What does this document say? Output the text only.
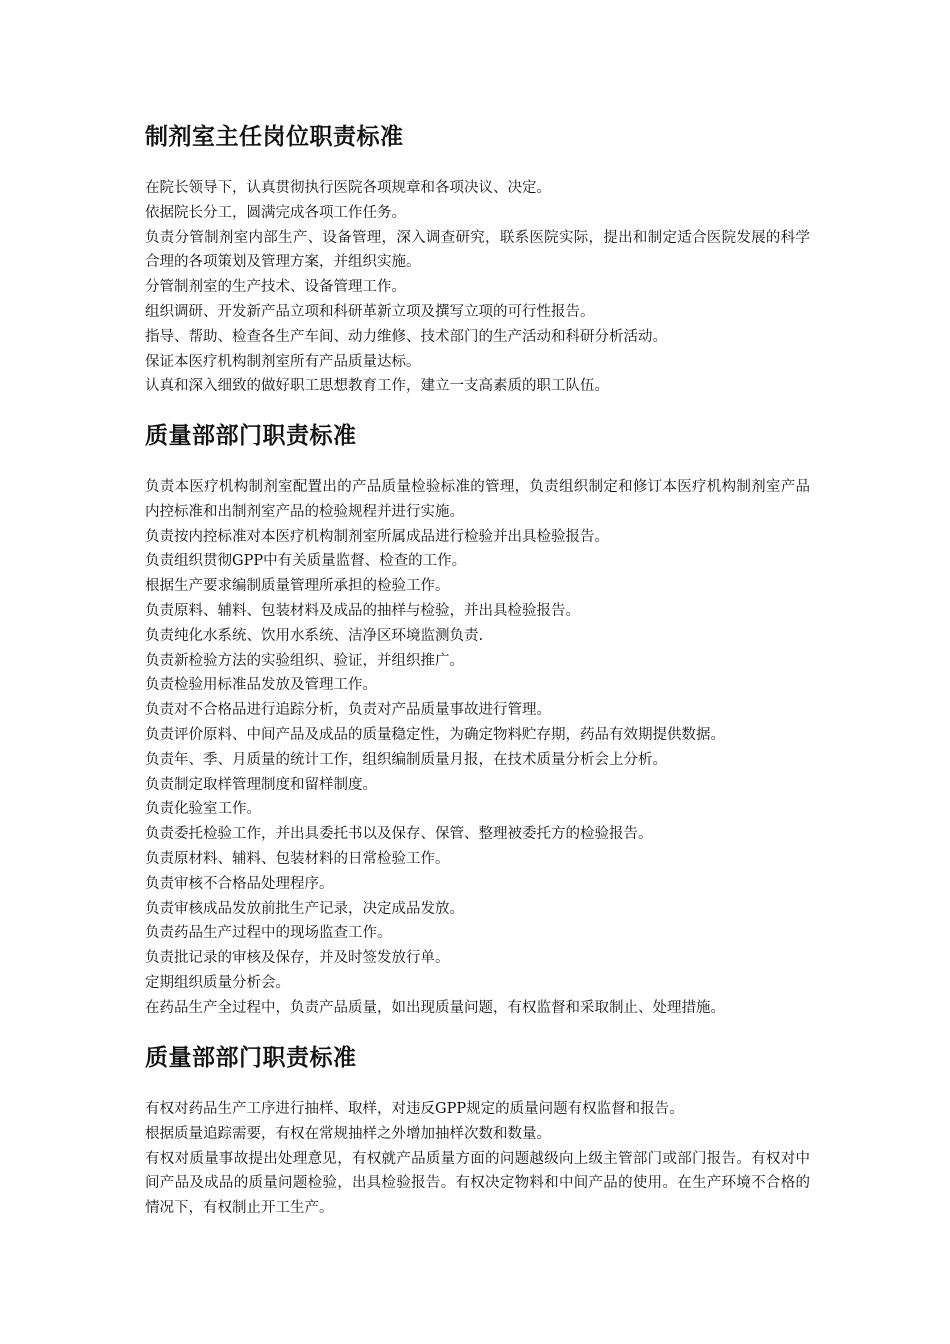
制剂室主任岗位职责标准

在院长领导下，认真贯彻执行医院各项规章和各项决议、决定。

依据院长分工，圆满完成各项工作任务。

负责分管制剂室内部生产、设备管理，深入调查研究，联系医院实际，提出和制定适合医院发展的科学合理的各项策划及管理方案，并组织实施。

分管制剂室的生产技术、设备管理工作。

组织调研、开发新产品立项和科研革新立项及撰写立项的可行性报告。

指导、帮助、检查各生产车间、动力维修、技术部门的生产活动和科研分析活动。

保证本医疗机构制剂室所有产品质量达标。

认真和深入细致的做好职工思想教育工作，建立一支高素质的职工队伍。

质量部部门职责标准

负责本医疗机构制剂室配置出的产品质量检验标准的管理，负责组织制定和修订本医疗机构制剂室产品内控标准和出制剂室产品的检验规程并进行实施。

负责按内控标准对本医疗机构制剂室所属成品进行检验并出具检验报告。

负责组织贯彻GPP中有关质量监督、检查的工作。

根据生产要求编制质量管理所承担的检验工作。

负责原料、辅料、包装材料及成品的抽样与检验，并出具检验报告。

负责纯化水系统、饮用水系统、洁净区环境监测负责.

负责新检验方法的实验组织、验证，并组织推广。

负责检验用标准品发放及管理工作。

负责对不合格品进行追踪分析，负责对产品质量事故进行管理。

负责评价原料、中间产品及成品的质量稳定性，为确定物料贮存期，药品有效期提供数据。

负责年、季、月质量的统计工作，组织编制质量月报，在技术质量分析会上分析。

负责制定取样管理制度和留样制度。

负责化验室工作。

负责委托检验工作，并出具委托书以及保存、保管、整理被委托方的检验报告。

负责原材料、辅料、包装材料的日常检验工作。

负责审核不合格品处理程序。

负责审核成品发放前批生产记录，决定成品发放。

负责药品生产过程中的现场监查工作。

负责批记录的审核及保存，并及时签发放行单。

定期组织质量分析会。

在药品生产全过程中，负责产品质量，如出现质量问题，有权监督和采取制止、处理措施。

质量部部门职责标准

有权对药品生产工序进行抽样、取样，对违反GPP规定的质量问题有权监督和报告。

根据质量追踪需要，有权在常规抽样之外增加抽样次数和数量。

有权对质量事故提出处理意见，有权就产品质量方面的问题越级向上级主管部门或部门报告。有权对中间产品及成品的质量问题检验，出具检验报告。有权决定物料和中间产品的使用。在生产环境不合格的情况下，有权制止开工生产。
